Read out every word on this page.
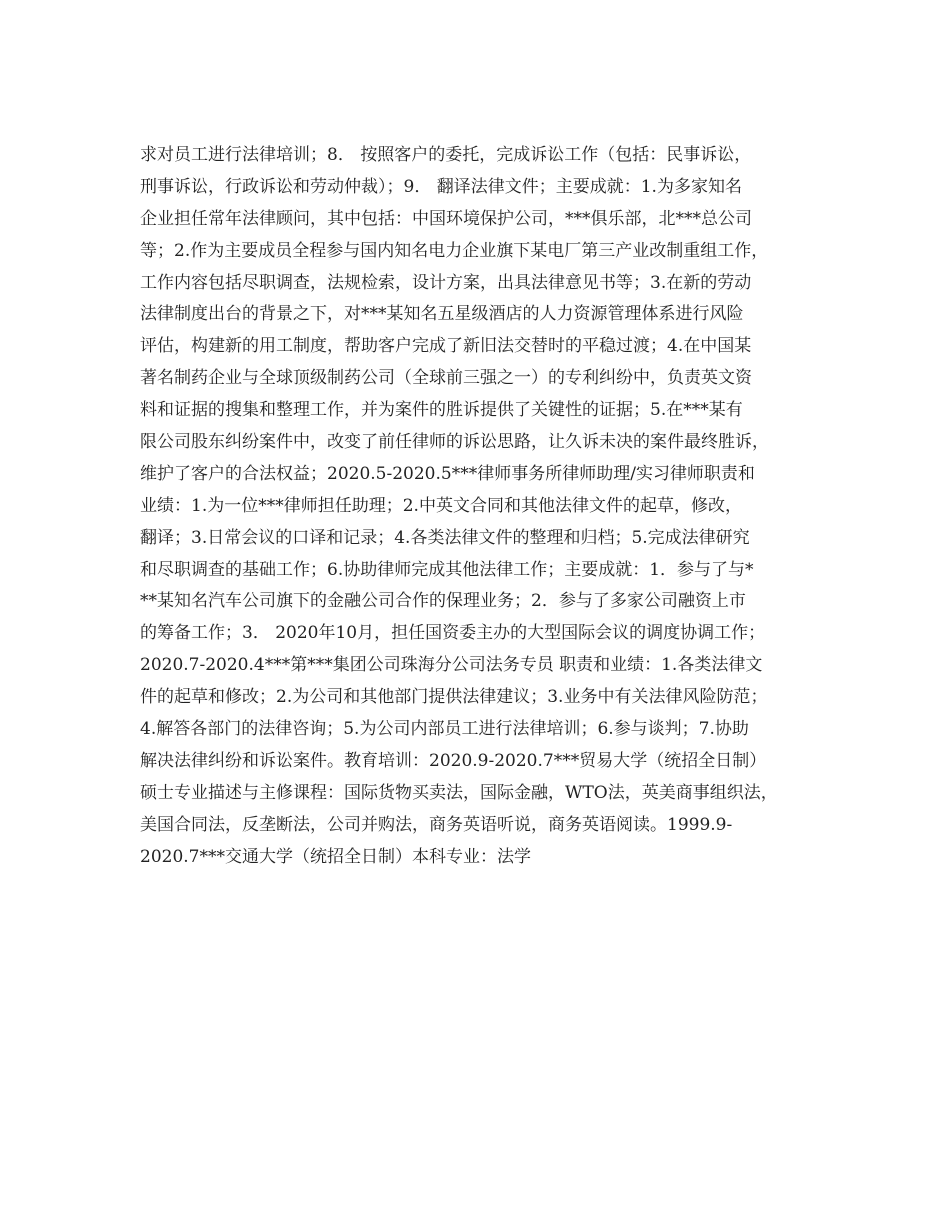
求对员工进行法律培训；8． 按照客户的委托，完成诉讼工作（包括：民事诉讼，
刑事诉讼，行政诉讼和劳动仲裁）；9． 翻译法律文件；主要成就：1.为多家知名
企业担任常年法律顾问，其中包括：中国环境保护公司，***俱乐部，北***总公司
等；2.作为主要成员全程参与国内知名电力企业旗下某电厂第三产业改制重组工作，
工作内容包括尽职调查，法规检索，设计方案，出具法律意见书等；3.在新的劳动
法律制度出台的背景之下，对***某知名五星级酒店的人力资源管理体系进行风险
评估，构建新的用工制度，帮助客户完成了新旧法交替时的平稳过渡；4.在中国某
著名制药企业与全球顶级制药公司（全球前三强之一）的专利纠纷中，负责英文资
料和证据的搜集和整理工作，并为案件的胜诉提供了关键性的证据；5.在***某有
限公司股东纠纷案件中，改变了前任律师的诉讼思路，让久诉未决的案件最终胜诉，
维护了客户的合法权益；2020.5-2020.5***律师事务所律师助理/实习律师职责和
业绩：1.为一位***律师担任助理；2.中英文合同和其他法律文件的起草，修改，
翻译；3.日常会议的口译和记录；4.各类法律文件的整理和归档；5.完成法律研究
和尽职调查的基础工作；6.协助律师完成其他法律工作；主要成就：1．参与了与*
**某知名汽车公司旗下的金融公司合作的保理业务；2．参与了多家公司融资上市
的筹备工作；3． 2020年10月，担任国资委主办的大型国际会议的调度协调工作；
2020.7-2020.4***第***集团公司珠海分公司法务专员 职责和业绩：1.各类法律文
件的起草和修改；2.为公司和其他部门提供法律建议；3.业务中有关法律风险防范；
4.解答各部门的法律咨询；5.为公司内部员工进行法律培训；6.参与谈判；7.协助
解决法律纠纷和诉讼案件。教育培训：2020.9-2020.7***贸易大学（统招全日制）
硕士专业描述与主修课程：国际货物买卖法，国际金融，WTO法，英美商事组织法，
美国合同法，反垄断法，公司并购法，商务英语听说，商务英语阅读。1999.9-
2020.7***交通大学（统招全日制）本科专业：法学
